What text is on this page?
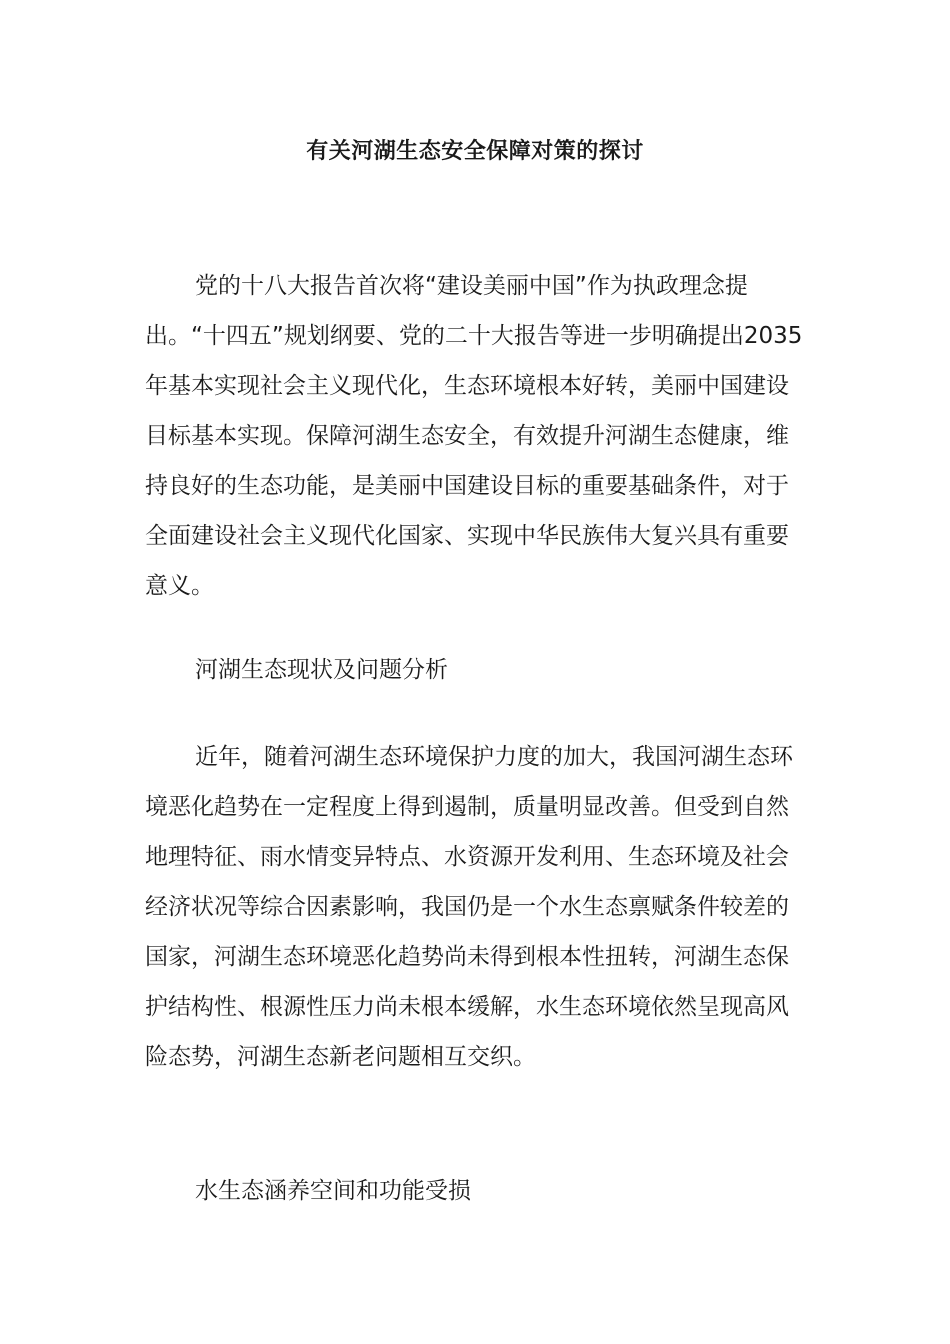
有关河湖生态安全保障对策的探讨

党的十八大报告首次将“建设美丽中国”作为执政理念提出。“十四五”规划纲要、党的二十大报告等进一步明确提出2035年基本实现社会主义现代化，生态环境根本好转，美丽中国建设目标基本实现。保障河湖生态安全，有效提升河湖生态健康，维持良好的生态功能，是美丽中国建设目标的重要基础条件，对于全面建设社会主义现代化国家、实现中华民族伟大复兴具有重要意义。

河湖生态现状及问题分析

近年，随着河湖生态环境保护力度的加大，我国河湖生态环境恶化趋势在一定程度上得到遏制，质量明显改善。但受到自然地理特征、雨水情变异特点、水资源开发利用、生态环境及社会经济状况等综合因素影响，我国仍是一个水生态禀赋条件较差的国家，河湖生态环境恶化趋势尚未得到根本性扭转，河湖生态保护结构性、根源性压力尚未根本缓解，水生态环境依然呈现高风险态势，河湖生态新老问题相互交织。

水生态涵养空间和功能受损
